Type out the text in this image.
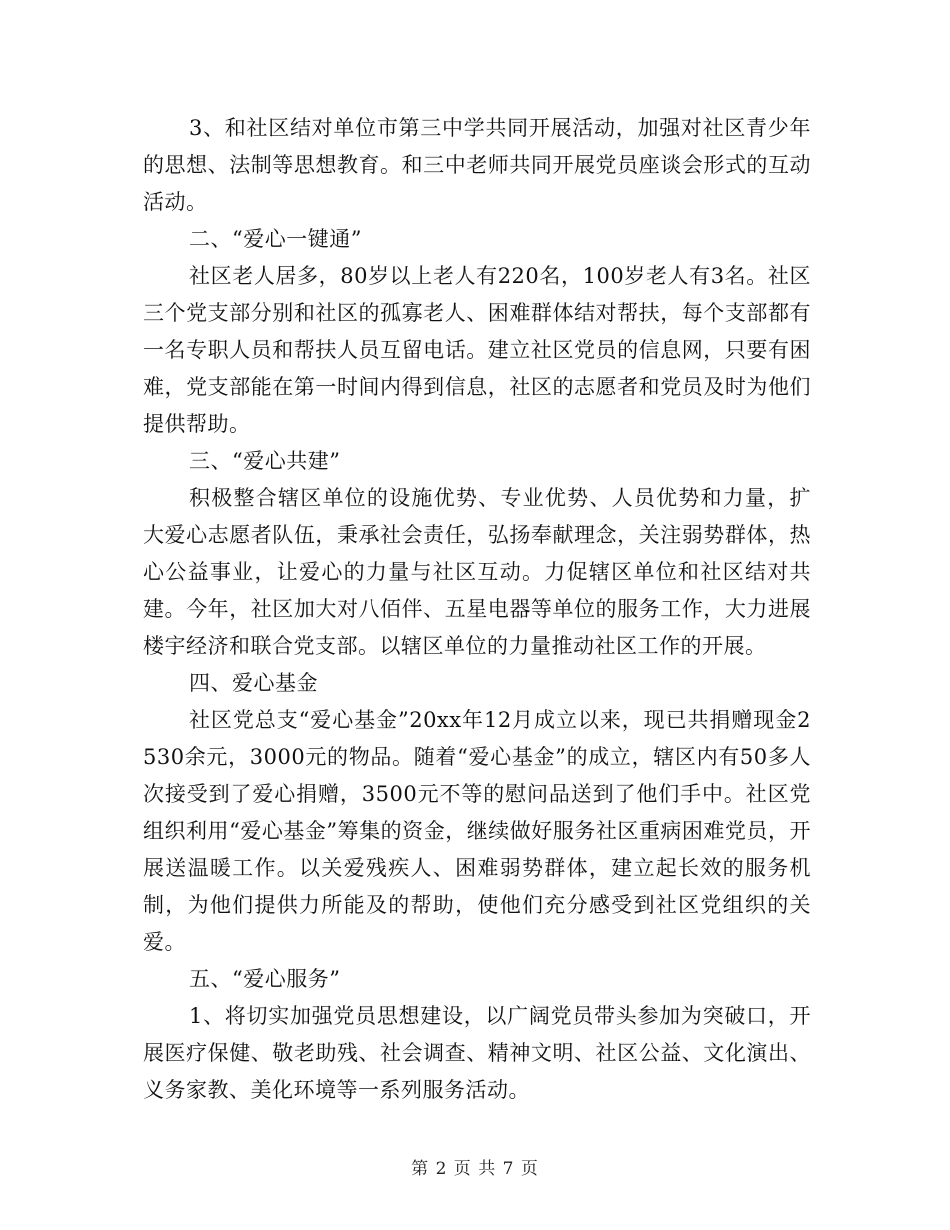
3、和社区结对单位市第三中学共同开展活动，加强对社区青少年的思想、法制等思想教育。和三中老师共同开展党员座谈会形式的互动活动。

二、“爱心一键通”

社区老人居多，80岁以上老人有220名，100岁老人有3名。社区三个党支部分别和社区的孤寡老人、困难群体结对帮扶，每个支部都有一名专职人员和帮扶人员互留电话。建立社区党员的信息网，只要有困难，党支部能在第一时间内得到信息，社区的志愿者和党员及时为他们提供帮助。

三、“爱心共建”

积极整合辖区单位的设施优势、专业优势、人员优势和力量，扩大爱心志愿者队伍，秉承社会责任，弘扬奉献理念，关注弱势群体，热心公益事业，让爱心的力量与社区互动。力促辖区单位和社区结对共建。今年，社区加大对八佰伴、五星电器等单位的服务工作，大力进展楼宇经济和联合党支部。以辖区单位的力量推动社区工作的开展。

四、爱心基金

社区党总支“爱心基金”20xx年12月成立以来，现已共捐赠现金2530余元，3000元的物品。随着“爱心基金”的成立，辖区内有50多人次接受到了爱心捐赠，3500元不等的慰问品送到了他们手中。社区党组织利用“爱心基金”筹集的资金，继续做好服务社区重病困难党员，开展送温暖工作。以关爱残疾人、困难弱势群体，建立起长效的服务机制，为他们提供力所能及的帮助，使他们充分感受到社区党组织的关爱。

五、“爱心服务”

1、将切实加强党员思想建设，以广阔党员带头参加为突破口，开展医疗保健、敬老助残、社会调查、精神文明、社区公益、文化演出、义务家教、美化环境等一系列服务活动。

第 2 页 共 7 页
